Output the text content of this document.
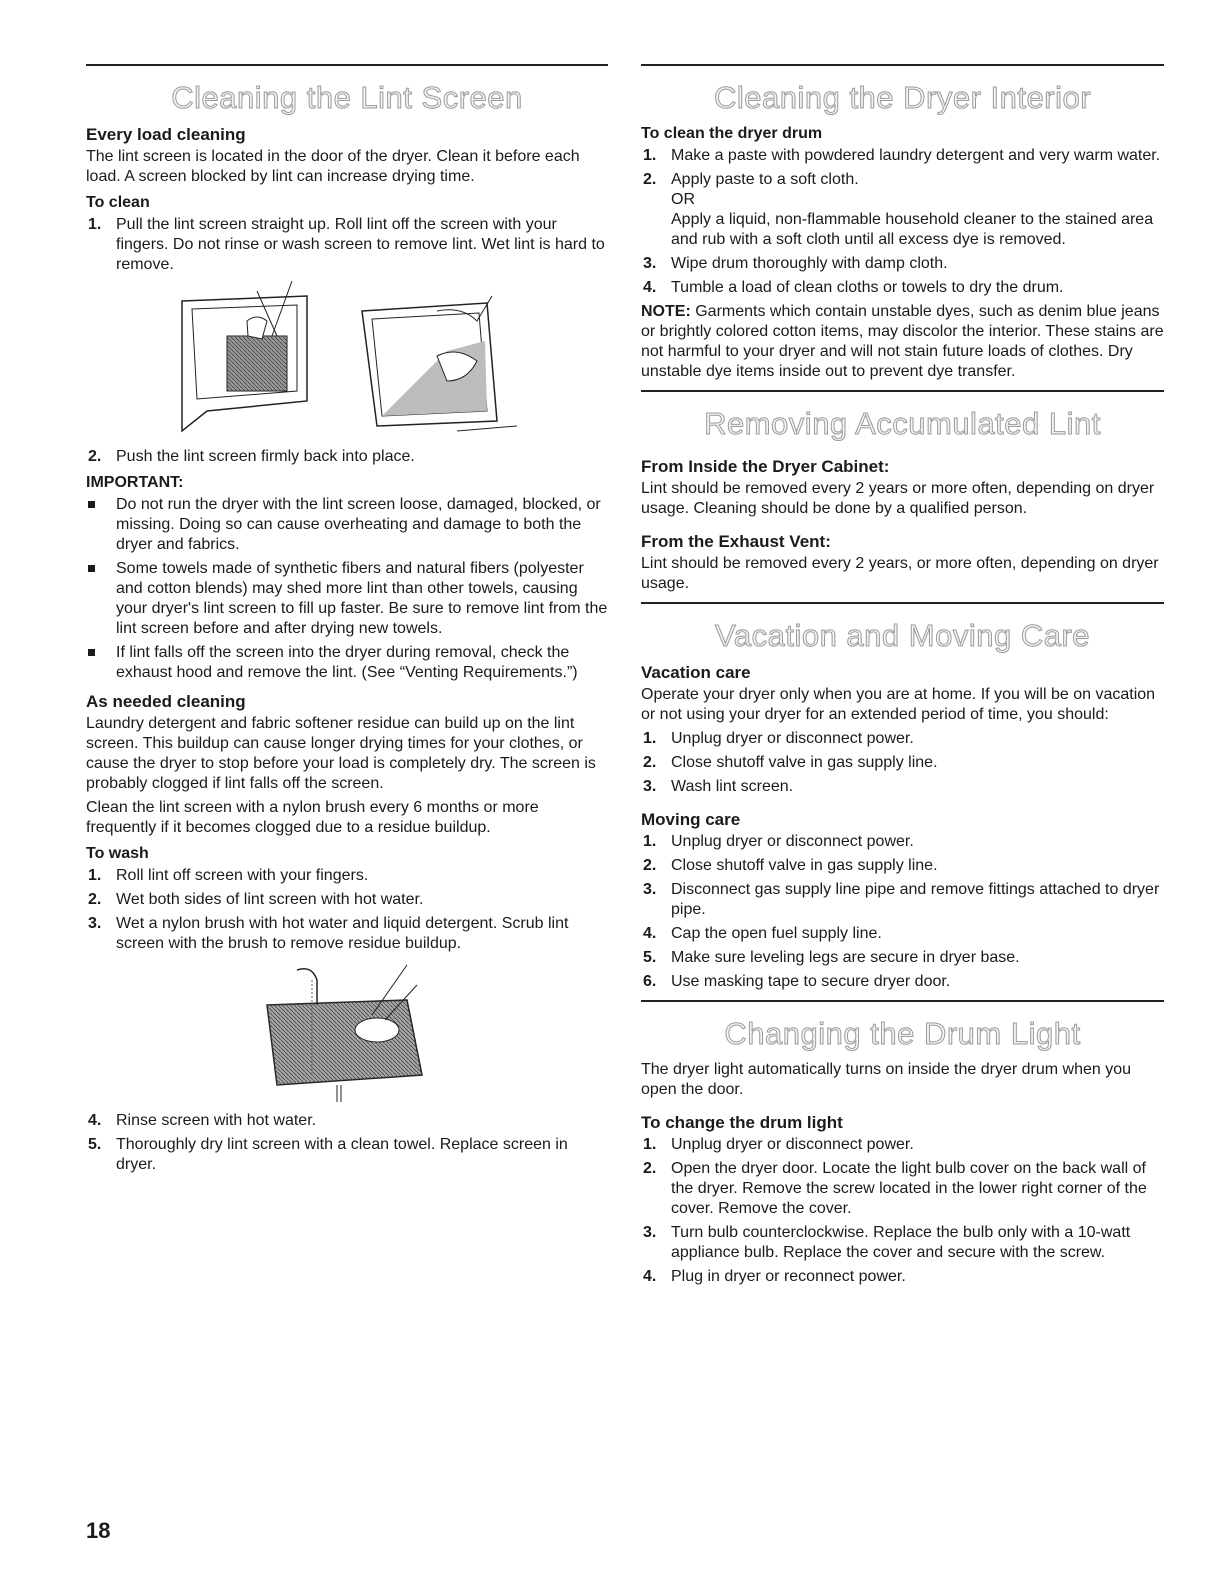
Cleaning the Lint Screen
Every load cleaning

The lint screen is located in the door of the dryer. Clean it before each load. A screen blocked by lint can increase drying time.

To clean
1. Pull the lint screen straight up. Roll lint off the screen with your fingers. Do not rinse or wash screen to remove lint. Wet lint is hard to remove.
2. Push the lint screen firmly back into place.
IMPORTANT:
Do not run the dryer with the lint screen loose, damaged, blocked, or missing. Doing so can cause overheating and damage to both the dryer and fabrics.
Some towels made of synthetic fibers and natural fibers (polyester and cotton blends) may shed more lint than other towels, causing your dryer's lint screen to fill up faster. Be sure to remove lint from the lint screen before and after drying new towels.
If lint falls off the screen into the dryer during removal, check the exhaust hood and remove the lint. (See “Venting Requirements.”)
As needed cleaning

Laundry detergent and fabric softener residue can build up on the lint screen. This buildup can cause longer drying times for your clothes, or cause the dryer to stop before your load is completely dry. The screen is probably clogged if lint falls off the screen.

Clean the lint screen with a nylon brush every 6 months or more frequently if it becomes clogged due to a residue buildup.

To wash
1. Roll lint off screen with your fingers.
2. Wet both sides of lint screen with hot water.
3. Wet a nylon brush with hot water and liquid detergent. Scrub lint screen with the brush to remove residue buildup.
4. Rinse screen with hot water.
5. Thoroughly dry lint screen with a clean towel. Replace screen in dryer.
Cleaning the Dryer Interior
To clean the dryer drum
1. Make a paste with powdered laundry detergent and very warm water.
2. Apply paste to a soft cloth.
OR
Apply a liquid, non-flammable household cleaner to the stained area and rub with a soft cloth until all excess dye is removed.
3. Wipe drum thoroughly with damp cloth.
4. Tumble a load of clean cloths or towels to dry the drum.

NOTE: Garments which contain unstable dyes, such as denim blue jeans or brightly colored cotton items, may discolor the interior. These stains are not harmful to your dryer and will not stain future loads of clothes. Dry unstable dye items inside out to prevent dye transfer.

Removing Accumulated Lint
From Inside the Dryer Cabinet:

Lint should be removed every 2 years or more often, depending on dryer usage. Cleaning should be done by a qualified person.

From the Exhaust Vent:

Lint should be removed every 2 years, or more often, depending on dryer usage.

Vacation and Moving Care
Vacation care

Operate your dryer only when you are at home. If you will be on vacation or not using your dryer for an extended period of time, you should:

1. Unplug dryer or disconnect power.
2. Close shutoff valve in gas supply line.
3. Wash lint screen.
Moving care
1. Unplug dryer or disconnect power.
2. Close shutoff valve in gas supply line.
3. Disconnect gas supply line pipe and remove fittings attached to dryer pipe.
4. Cap the open fuel supply line.
5. Make sure leveling legs are secure in dryer base.
6. Use masking tape to secure dryer door.
Changing the Drum Light

The dryer light automatically turns on inside the dryer drum when you open the door.

To change the drum light
1. Unplug dryer or disconnect power.
2. Open the dryer door. Locate the light bulb cover on the back wall of the dryer. Remove the screw located in the lower right corner of the cover. Remove the cover.
3. Turn bulb counterclockwise. Replace the bulb only with a 10-watt appliance bulb. Replace the cover and secure with the screw.
4. Plug in dryer or reconnect power.
18
